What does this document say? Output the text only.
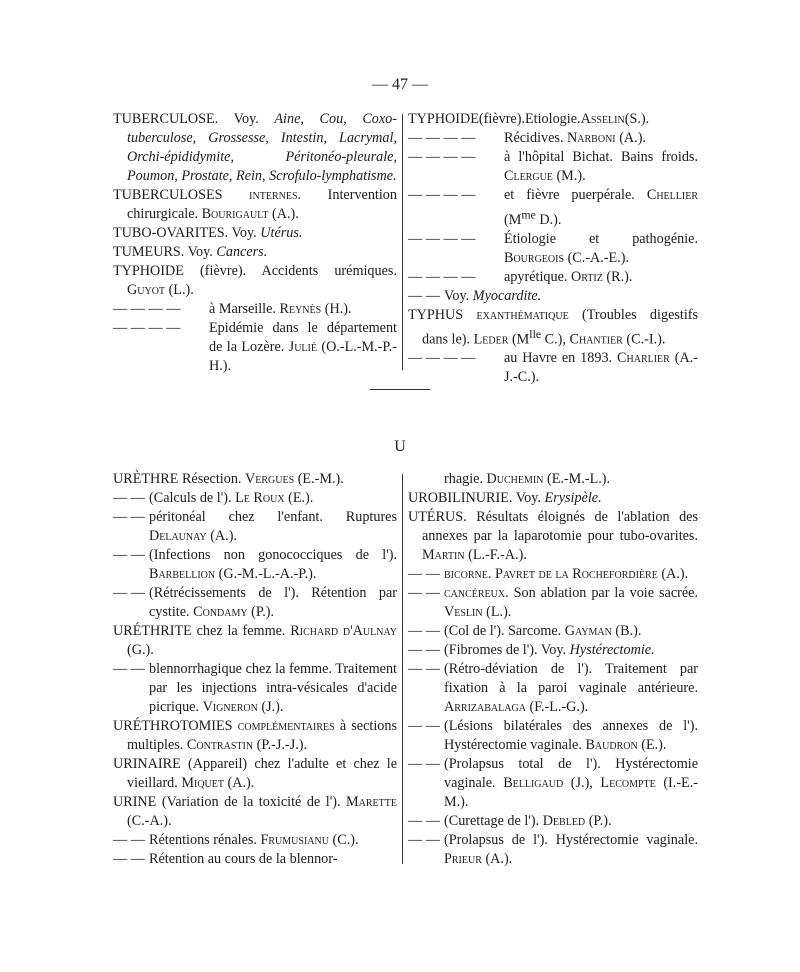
— 47 —

TUBERCULOSE. Voy. Aine, Cou, Coxo-tuberculose, Grossesse, Intestin, Lacrymal, Orchi-épididymite, Péritonéo-pleurale, Poumon, Prostate, Rein, Scrofulo-lymphatisme.

TUBERCULOSES internes. Intervention chirurgicale. Bourigault (A.).

TUBO-OVARITES. Voy. Utérus.

TUMEURS. Voy. Cancers.

TYPHOIDE (fièvre). Accidents urémiques. Guyot (L.).

— — — — à Marseille. Reynès (H.).

— — — — Epidémie dans le département de la Lozère. Julié (O.-L.-M.-P.-H.).

TYPHOIDE(fièvre).Etiologie.Asselin(S.).

— — — — Récidives. Narboni (A.).

— — — — à l'hôpital Bichat. Bains froids. Clergue (M.).

— — — — et fièvre puerpérale. Chellier ($M^{me}$ D.).

— — — — Étiologie et pathogénie. Bourgeois (C.-A.-E.).

— — — — apyrétique. Ortiz (R.).

— — Voy. Myocardite.

TYPHUS exanthématique (Troubles digestifs dans le). Leder ($M^{lle}$ C.), Chantier (C.-I.).

— — — — au Havre en 1893. Charlier (A.-J.-C.).

U

URÈTHRE Résection. Vergues (E.-M.).

— — (Calculs de l'). Le Roux (E.).

— — péritonéal chez l'enfant. Ruptures Delaunay (A.).

— — (Infections non gonococciques de l'). Barbellion (G.-M.-L.-A.-P.).

— — (Rétrécissements de l'). Rétention par cystite. Condamy (P.).

URÉTHRITE chez la femme. Richard d'Aulnay (G.).

— — blennorrhagique chez la femme. Traitement par les injections intra-vésicales d'acide picrique. Vigneron (J.).

URÉTHROTOMIES complémentaires à sections multiples. Contrastin (P.-J.-J.).

URINAIRE (Appareil) chez l'adulte et chez le vieillard. Miquet (A.).

URINE (Variation de la toxicité de l'). Marette (C.-A.).

— — Rétentions rénales. Frumusianu (C.).

— — Rétention au cours de la blennor-

rhagie. Duchemin (E.-M.-L.).

UROBILINURIE. Voy. Erysipèle.

UTÉRUS. Résultats éloignés de l'ablation des annexes par la laparotomie pour tubo-ovarites. Martin (L.-F.-A.).

— — bicorne. Pavret de la Rochefordière (A.).

— — cancéreux. Son ablation par la voie sacrée. Veslin (L.).

— — (Col de l'). Sarcome. Gayman (B.).

— — (Fibromes de l'). Voy. Hystérectomie.

— — (Rétro-déviation de l'). Traitement par fixation à la paroi vaginale antérieure. Arrizabalaga (F.-L.-G.).

— — (Lésions bilatérales des annexes de l'). Hystérectomie vaginale. Baudron (E.).

— — (Prolapsus total de l'). Hystérectomie vaginale. Belligaud (J.), Lecompte (I.-E.-M.).

— — (Curettage de l'). Debled (P.).

— — (Prolapsus de l'). Hystérectomie vaginale. Prieur (A.).
